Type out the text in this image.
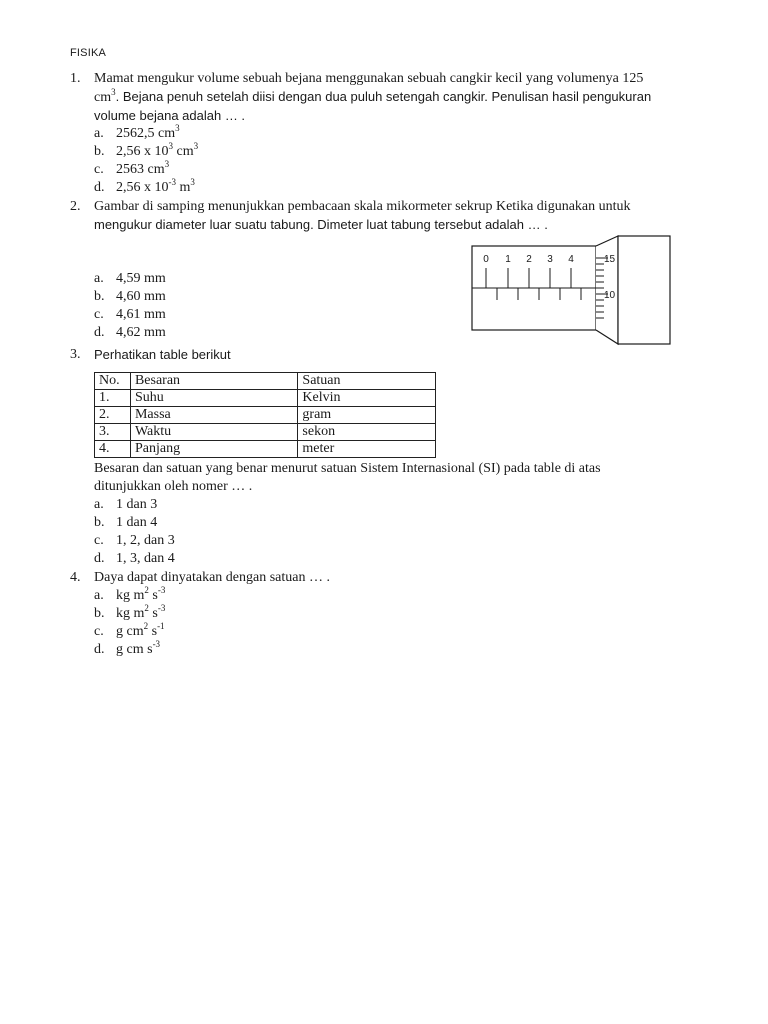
FISIKA
1. Mamat mengukur volume sebuah bejana menggunakan sebuah cangkir kecil yang volumenya 125
$cm^3$. Bejana penuh setelah diisi dengan dua puluh setengah cangkir. Penulisan hasil pengukuran
volume bejana adalah … .
a. 2562,5 $cm^3$
b. 2,56 x $10^3$ $cm^3$
c. 2563 $cm^3$
d. 2,56 x $10^{-3}$ $m^3$
2. Gambar di samping menunjukkan pembacaan skala mikormeter sekrup Ketika digunakan untuk
mengukur diameter luar suatu tabung. Dimeter luat tabung tersebut adalah … .
a. 4,59 mm
b. 4,60 mm
c. 4,61 mm
d. 4,62 mm
0 1 2 3 4	15
10
3. Perhatikan table berikut
No.	Besaran	Satuan
1.	Suhu	Kelvin
2.	Massa	gram
3.	Waktu	sekon
4.	Panjang	meter
Besaran dan satuan yang benar menurut satuan Sistem Internasional (SI) pada table di atas
ditunjukkan oleh nomer … .
a. 1 dan 3
b. 1 dan 4
c. 1, 2, dan 3
d. 1, 3, dan 4
4. Daya dapat dinyatakan dengan satuan … .
a. kg $m^2$ $s^{-3}$
b. kg $m^2$ $s^{-3}$
c. g $cm^2$ $s^{-1}$
d. g cm $s^{-3}$
